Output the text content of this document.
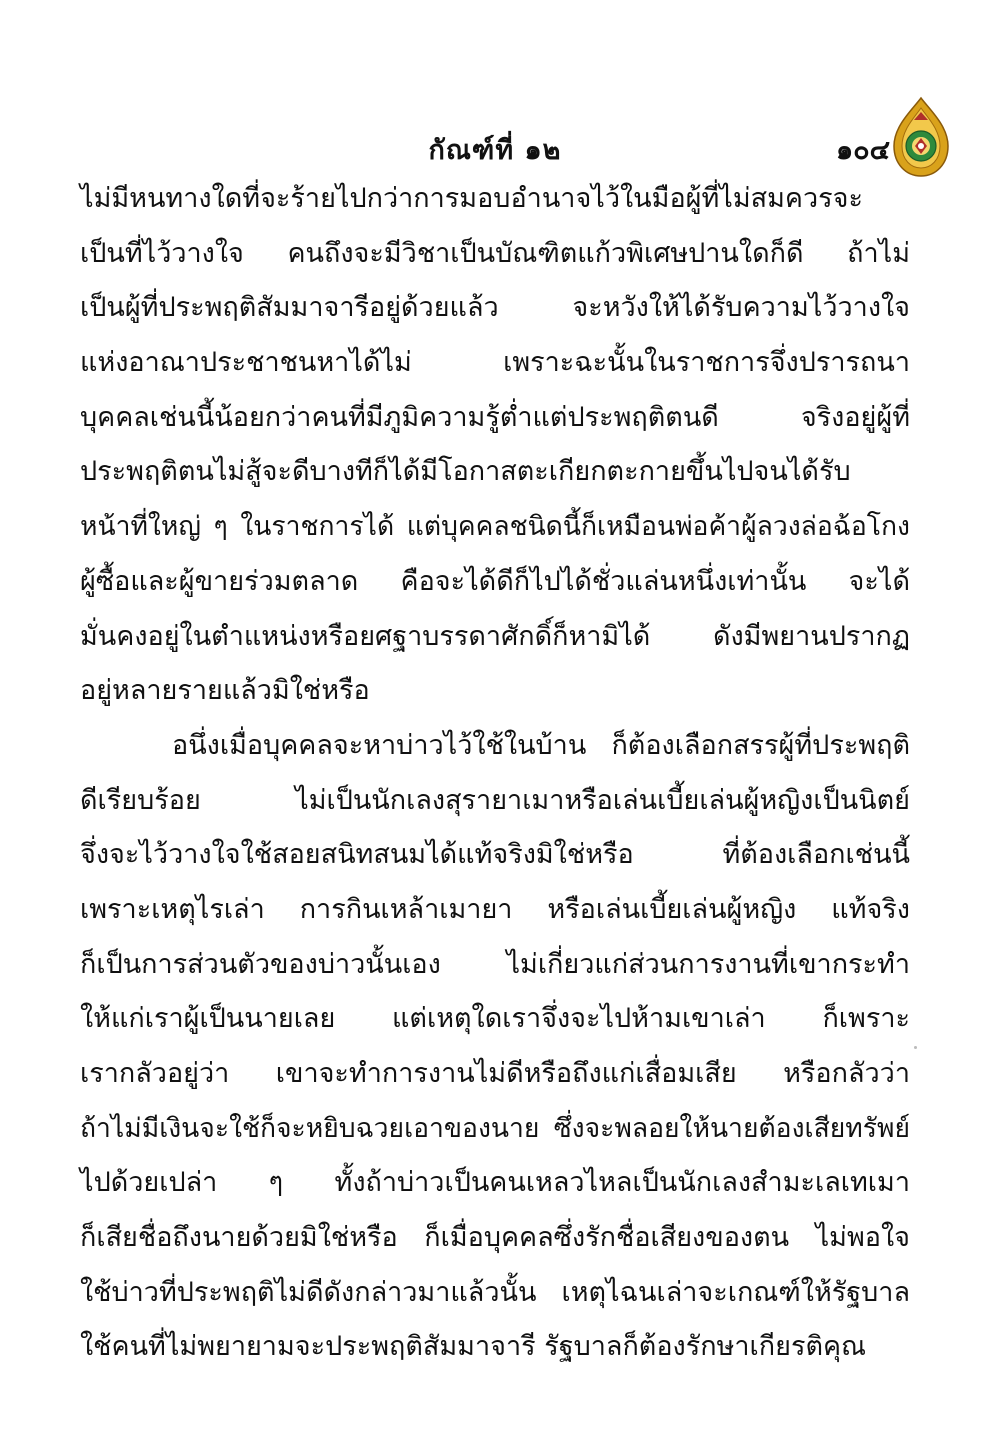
กัณฑ์ที่ ๑๒	๑๐๔
ไม่มีหนทางใดที่จะร้ายไปกว่าการมอบอำนาจไว้ในมือผู้ที่ไม่สมควรจะ
เป็นที่ไว้วางใจ คนถึงจะมีวิชาเป็นบัณฑิตแก้วพิเศษปานใดก็ดี ถ้าไม่
เป็นผู้ที่ประพฤติสัมมาจารีอยู่ด้วยแล้ว จะหวังให้ได้รับความไว้วางใจ
แห่งอาณาประชาชนหาได้ไม่ เพราะฉะนั้นในราชการจึ่งปรารถนา
บุคคลเช่นนี้น้อยกว่าคนที่มีภูมิความรู้ต่ำแต่ประพฤติตนดี จริงอยู่ผู้ที่
ประพฤติตนไม่สู้จะดีบางทีก็ได้มีโอกาสตะเกียกตะกายขึ้นไปจนได้รับ
หน้าที่ใหญ่ ๆ ในราชการได้ แต่บุคคลชนิดนี้ก็เหมือนพ่อค้าผู้ลวงล่อฉ้อโกง
ผู้ซื้อและผู้ขายร่วมตลาด คือจะได้ดีก็ไปได้ชั่วแล่นหนึ่งเท่านั้น จะได้
มั่นคงอยู่ในตำแหน่งหรือยศฐาบรรดาศักดิ์ก็หามิได้ ดังมีพยานปรากฏ
อยู่หลายรายแล้วมิใช่หรือ
อนึ่งเมื่อบุคคลจะหาบ่าวไว้ใช้ในบ้าน ก็ต้องเลือกสรรผู้ที่ประพฤติ
ดีเรียบร้อย ไม่เป็นนักเลงสุรายาเมาหรือเล่นเบี้ยเล่นผู้หญิงเป็นนิตย์
จึ่งจะไว้วางใจใช้สอยสนิทสนมได้แท้จริงมิใช่หรือ ที่ต้องเลือกเช่นนี้
เพราะเหตุไรเล่า การกินเหล้าเมายา หรือเล่นเบี้ยเล่นผู้หญิง แท้จริง
ก็เป็นการส่วนตัวของบ่าวนั้นเอง ไม่เกี่ยวแก่ส่วนการงานที่เขากระทำ
ให้แก่เราผู้เป็นนายเลย แต่เหตุใดเราจึ่งจะไปห้ามเขาเล่า ก็เพราะ
เรากลัวอยู่ว่า เขาจะทำการงานไม่ดีหรือถึงแก่เสื่อมเสีย หรือกลัวว่า
ถ้าไม่มีเงินจะใช้ก็จะหยิบฉวยเอาของนาย ซึ่งจะพลอยให้นายต้องเสียทรัพย์
ไปด้วยเปล่า ๆ ทั้งถ้าบ่าวเป็นคนเหลวไหลเป็นนักเลงสำมะเลเทเมา
ก็เสียชื่อถึงนายด้วยมิใช่หรือ ก็เมื่อบุคคลซึ่งรักชื่อเสียงของตน ไม่พอใจ
ใช้บ่าวที่ประพฤติไม่ดีดังกล่าวมาแล้วนั้น เหตุไฉนเล่าจะเกณฑ์ให้รัฐบาล
ใช้คนที่ไม่พยายามจะประพฤติสัมมาจารี รัฐบาลก็ต้องรักษาเกียรติคุณ
